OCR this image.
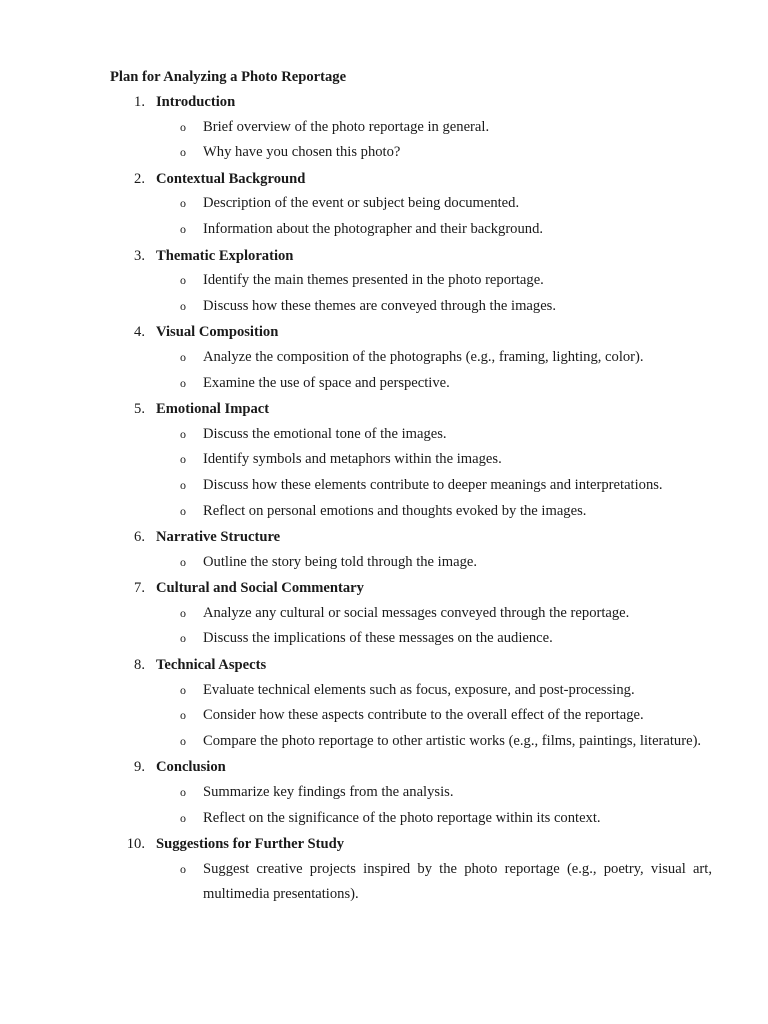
Plan for Analyzing a Photo Reportage
1. Introduction
o Brief overview of the photo reportage in general.
o Why have you chosen this photo?
2. Contextual Background
o Description of the event or subject being documented.
o Information about the photographer and their background.
3. Thematic Exploration
o Identify the main themes presented in the photo reportage.
o Discuss how these themes are conveyed through the images.
4. Visual Composition
o Analyze the composition of the photographs (e.g., framing, lighting, color).
o Examine the use of space and perspective.
5. Emotional Impact
o Discuss the emotional tone of the images.
o Identify symbols and metaphors within the images.
o Discuss how these elements contribute to deeper meanings and interpretations.
o Reflect on personal emotions and thoughts evoked by the images.
6. Narrative Structure
o Outline the story being told through the image.
7. Cultural and Social Commentary
o Analyze any cultural or social messages conveyed through the reportage.
o Discuss the implications of these messages on the audience.
8. Technical Aspects
o Evaluate technical elements such as focus, exposure, and post-processing.
o Consider how these aspects contribute to the overall effect of the reportage.
o Compare the photo reportage to other artistic works (e.g., films, paintings, literature).
9. Conclusion
o Summarize key findings from the analysis.
o Reflect on the significance of the photo reportage within its context.
10. Suggestions for Further Study
o Suggest creative projects inspired by the photo reportage (e.g., poetry, visual art, multimedia presentations).
